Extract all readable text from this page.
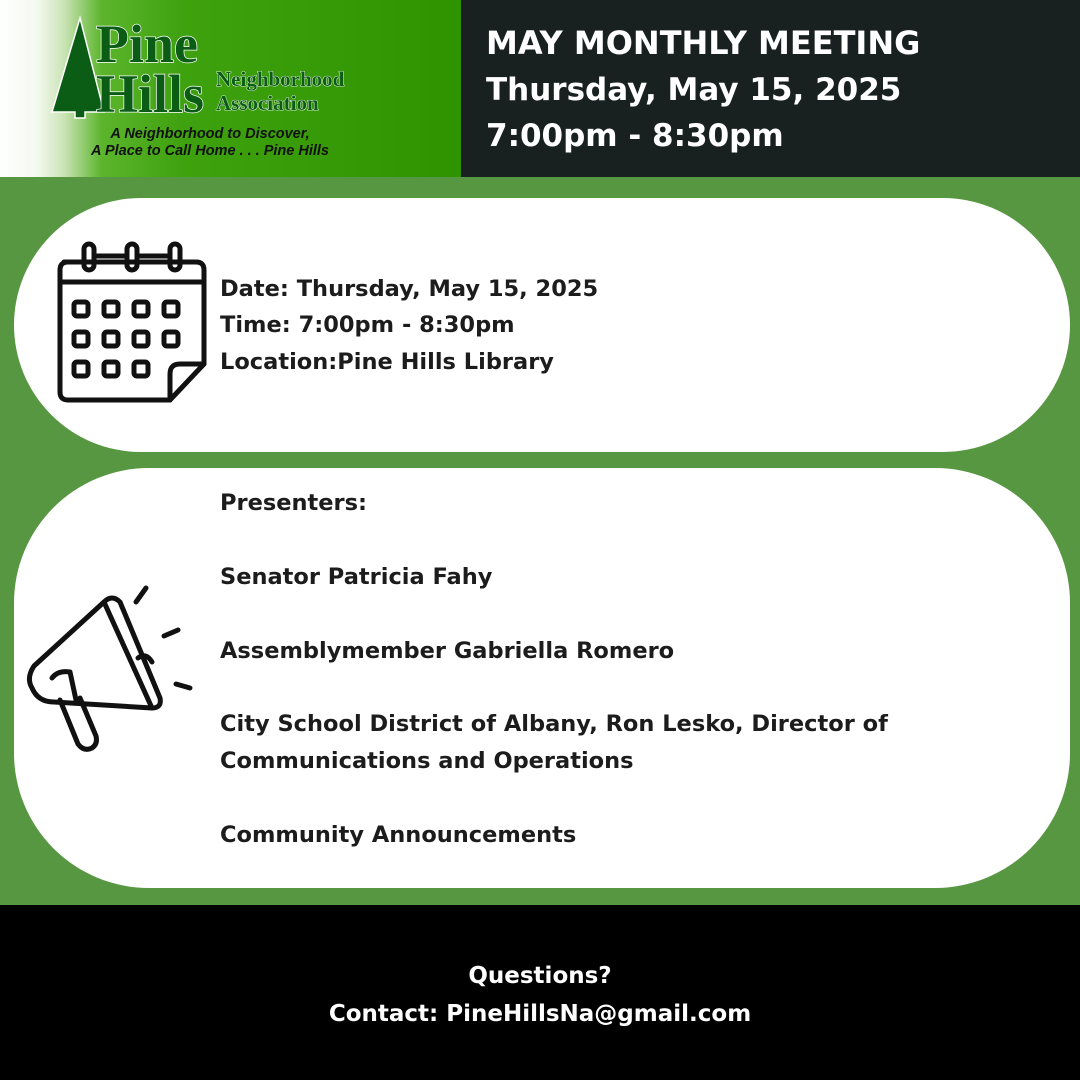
Pine
Hills Neighborhood
Association
A Neighborhood to Discover,
A Place to Call Home . . . Pine Hills
MAY MONTHLY MEETING
Thursday, May 15, 2025
7:00pm - 8:30pm
Date: Thursday, May 15, 2025
Time: 7:00pm - 8:30pm
Location:Pine Hills Library
Presenters:
Senator Patricia Fahy
Assemblymember Gabriella Romero
City School District of Albany, Ron Lesko, Director of
Communications and Operations
Community Announcements
Questions?
Contact: PineHillsNa@gmail.com
